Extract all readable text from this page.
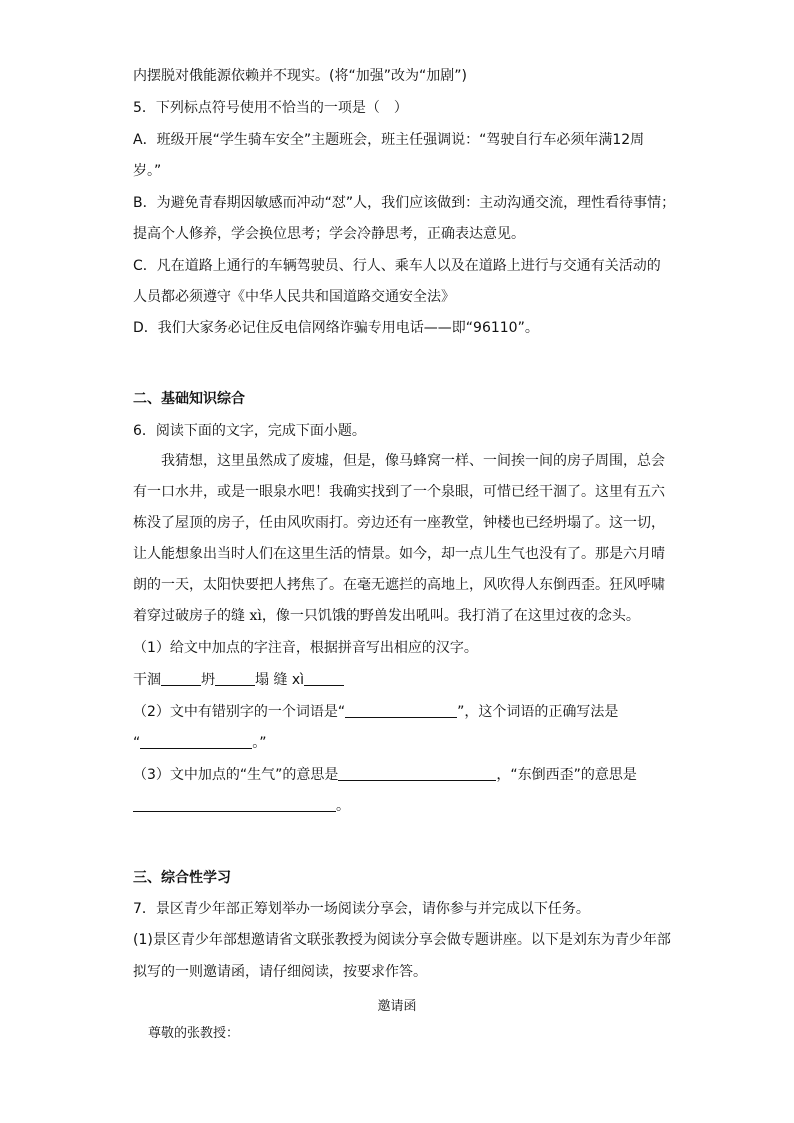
内摆脱对俄能源依赖并不现实。(将“加强”改为“加剧”)
5．下列标点符号使用不恰当的一项是（　）
A．班级开展“学生骑车安全”主题班会，班主任强调说：“驾驶自行车必须年满12周
岁。”
B．为避免青春期因敏感而冲动“怼”人，我们应该做到：主动沟通交流，理性看待事情；
提高个人修养，学会换位思考；学会冷静思考，正确表达意见。
C．凡在道路上通行的车辆驾驶员、行人、乘车人以及在道路上进行与交通有关活动的
人员都必须遵守《中华人民共和国道路交通安全法》
D．我们大家务必记住反电信网络诈骗专用电话——即“96110”。
二、基础知识综合
6．阅读下面的文字，完成下面小题。

我猜想，这里虽然成了废墟，但是，像马蜂窝一样、一间挨一间的房子周围，总会

有一口水井，或是一眼泉水吧！我确实找到了一个泉眼，可惜已经干涸了。这里有五六

栋没了屋顶的房子，任由风吹雨打。旁边还有一座教堂，钟楼也已经坍塌了。这一切，

让人能想象出当时人们在这里生活的情景。如今，却一点儿生气也没有了。那是六月晴

朗的一天，太阳快要把人拷焦了。在毫无遮拦的高地上，风吹得人东倒西歪。狂风呼啸

着穿过破房子的缝 xì，像一只饥饿的野兽发出吼叫。我打消了在这里过夜的念头。

（1）给文中加点的字注音，根据拼音写出相应的汉字。
干涸	坍	塌 缝 xì
（2）文中有错别字的一个词语是“	”，这个词语的正确写法是
“	。”
（3）文中加点的“生气”的意思是	，“东倒西歪”的意思是
。
三、综合性学习
7．景区青少年部正筹划举办一场阅读分享会，请你参与并完成以下任务。
(1)景区青少年部想邀请省文联张教授为阅读分享会做专题讲座。以下是刘东为青少年部
拟写的一则邀请函，请仔细阅读，按要求作答。
邀请函
尊敬的张教授：
